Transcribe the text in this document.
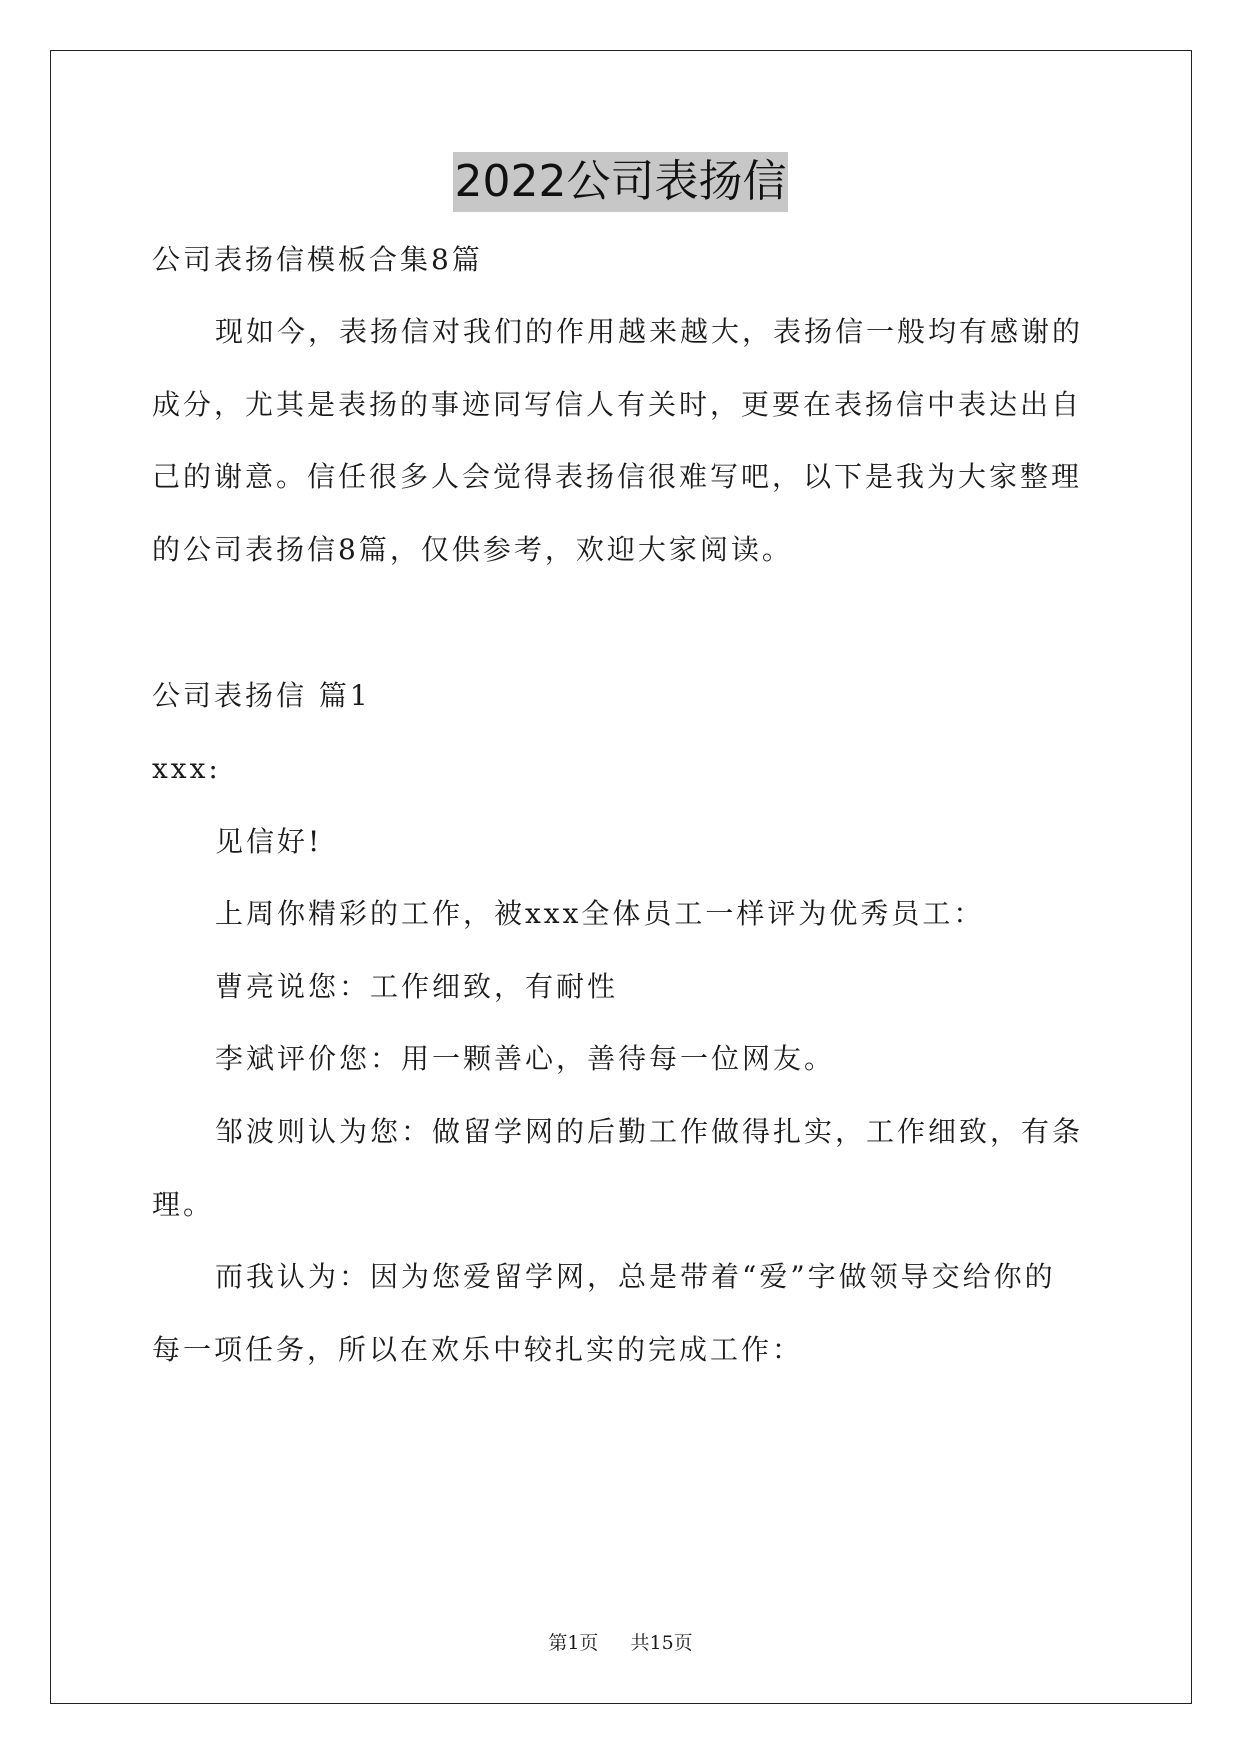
2022公司表扬信
公司表扬信模板合集8篇
现如今，表扬信对我们的作用越来越大，表扬信一般均有感谢的
成分，尤其是表扬的事迹同写信人有关时，更要在表扬信中表达出自
己的谢意。信任很多人会觉得表扬信很难写吧，以下是我为大家整理
的公司表扬信8篇，仅供参考，欢迎大家阅读。
公司表扬信 篇1
xxx:
见信好!
上周你精彩的工作，被xxx全体员工一样评为优秀员工：
曹亮说您：工作细致，有耐性
李斌评价您：用一颗善心，善待每一位网友。
邹波则认为您：做留学网的后勤工作做得扎实，工作细致，有条
理。
而我认为：因为您爱留学网，总是带着“爱”字做领导交给你的
每一项任务，所以在欢乐中较扎实的完成工作：
第1页 共15页
